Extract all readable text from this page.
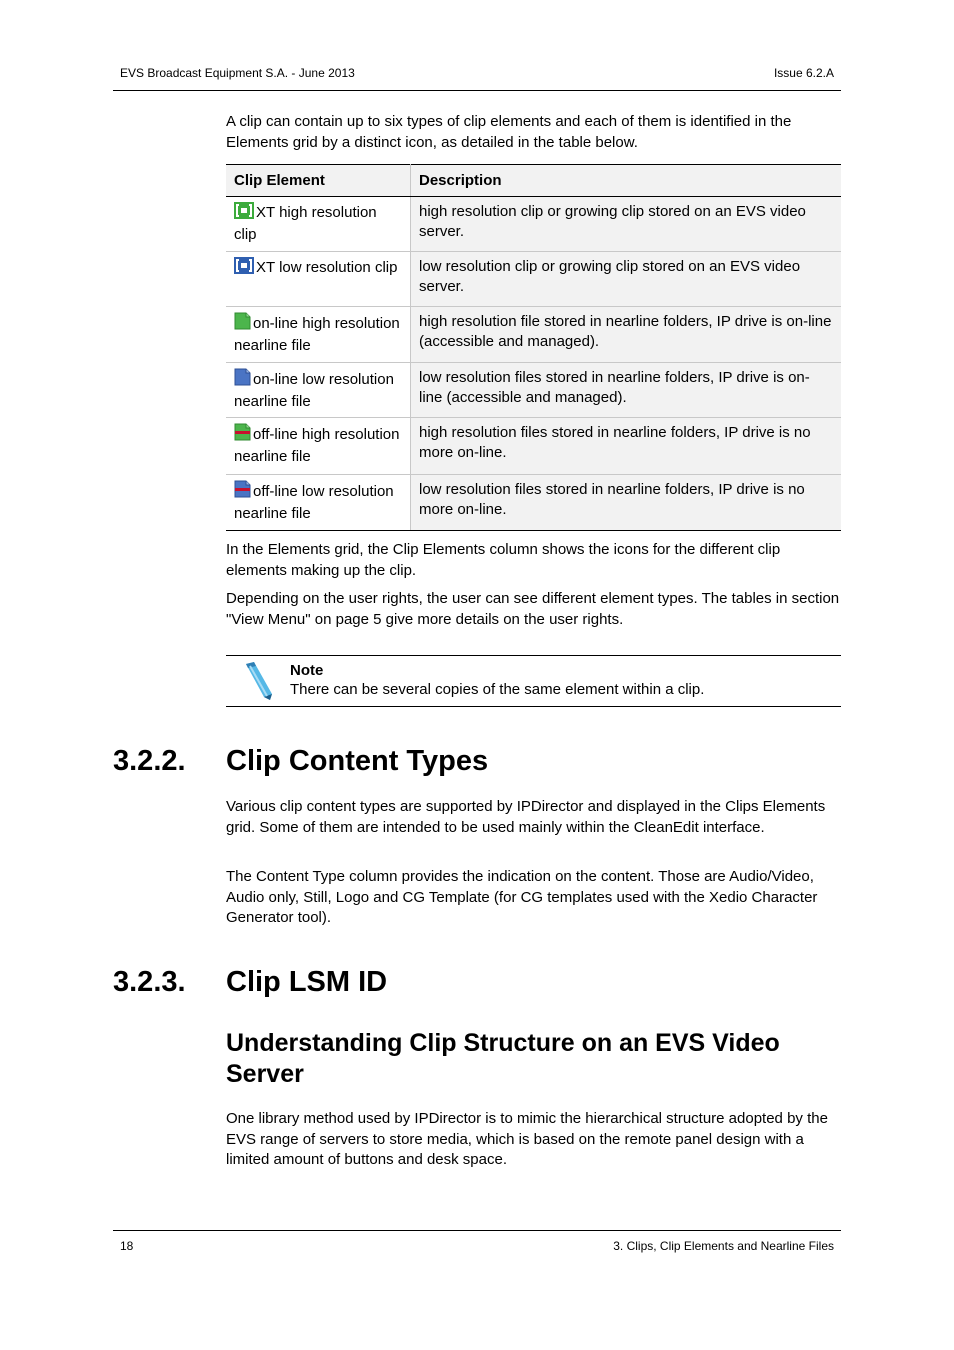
EVS Broadcast Equipment S.A. - June 2013	Issue 6.2.A

A clip can contain up to six types of clip elements and each of them is identified in the Elements grid by a distinct icon, as detailed in the table below.

Clip Element	Description
XT high resolution clip	high resolution clip or growing clip stored on an EVS video server.
XT low resolution clip	low resolution clip or growing clip stored on an EVS video server.
on-line high resolution nearline file	high resolution file stored in nearline folders, IP drive is on-line (accessible and managed).
on-line low resolution nearline file	low resolution files stored in nearline folders, IP drive is on-line (accessible and managed).
off-line high resolution nearline file	high resolution files stored in nearline folders, IP drive is no more on-line.
off-line low resolution nearline file	low resolution files stored in nearline folders, IP drive is no more on-line.

In the Elements grid, the Clip Elements column shows the icons for the different clip elements making up the clip.

Depending on the user rights, the user can see different element types. The tables in section "View Menu" on page 5 give more details on the user rights.

Note
There can be several copies of the same element within a clip.
3.2.2. Clip Content Types

Various clip content types are supported by IPDirector and displayed in the Clips Elements grid. Some of them are intended to be used mainly within the CleanEdit interface.

The Content Type column provides the indication on the content. Those are Audio/Video, Audio only, Still, Logo and CG Template (for CG templates used with the Xedio Character Generator tool).

3.2.3. Clip LSM ID

Understanding Clip Structure on an EVS Video Server

One library method used by IPDirector is to mimic the hierarchical structure adopted by the EVS range of servers to store media, which is based on the remote panel design with a limited amount of buttons and desk space.

18	3. Clips, Clip Elements and Nearline Files
